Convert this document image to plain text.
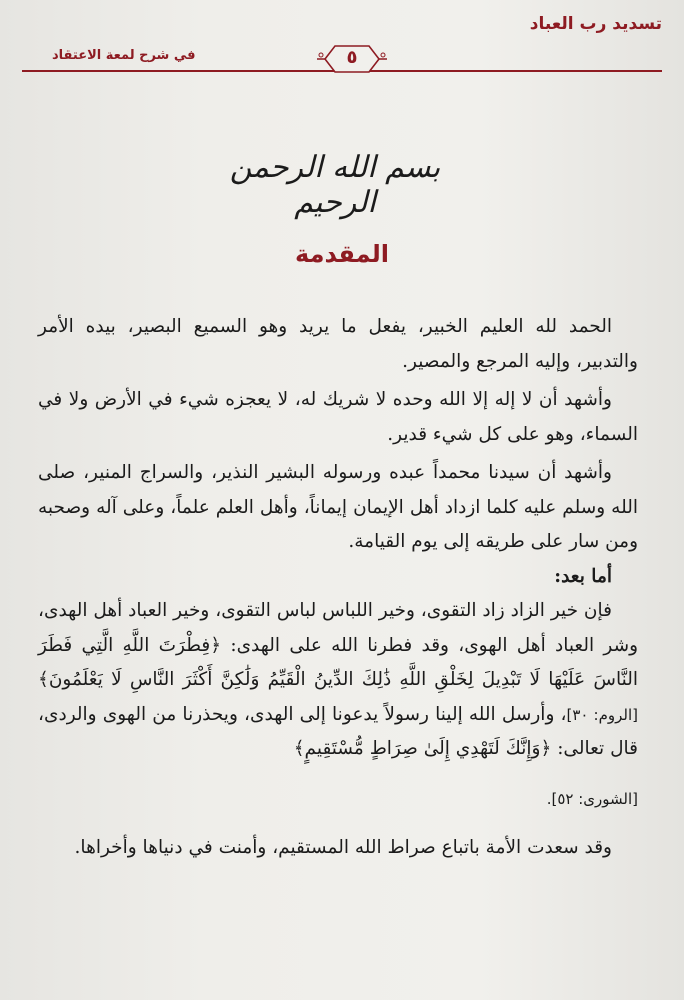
تسديد رب العباد
في شرح لمعة الاعتقاد	٥
بسم الله الرحمن الرحيم
المقدمة

الحمد لله العليم الخبير، يفعل ما يريد وهو السميع البصير، بيده الأمر والتدبير، وإليه المرجع والمصير.

وأشهد أن لا إله إلا الله وحده لا شريك له، لا يعجزه شيء في الأرض ولا في السماء، وهو على كل شيء قدير.

وأشهد أن سيدنا محمداً عبده ورسوله البشير النذير، والسراج المنير، صلى الله وسلم عليه كلما ازداد أهل الإيمان إيماناً، وأهل العلم علماً، وعلى آله وصحبه ومن سار على طريقه إلى يوم القيامة.

أما بعد:

فإن خير الزاد زاد التقوى، وخير اللباس لباس التقوى، وخير العباد أهل الهدى، وشر العباد أهل الهوى، وقد فطرنا الله على الهدى: ﴿فِطْرَتَ اللَّهِ الَّتِي فَطَرَ النَّاسَ عَلَيْهَا لَا تَبْدِيلَ لِخَلْقِ اللَّهِ ذَٰلِكَ الدِّينُ الْقَيِّمُ وَلَٰكِنَّ أَكْثَرَ النَّاسِ لَا يَعْلَمُونَ﴾ [الروم: ٣٠]، وأرسل الله إلينا رسولاً يدعونا إلى الهدى، ويحذرنا من الهوى والردى، قال تعالى: ﴿وَإِنَّكَ لَتَهْدِي إِلَىٰ صِرَاطٍ مُّسْتَقِيمٍ﴾

[الشورى: ٥٢].

وقد سعدت الأمة باتباع صراط الله المستقيم، وأمنت في دنياها وأخراها.
